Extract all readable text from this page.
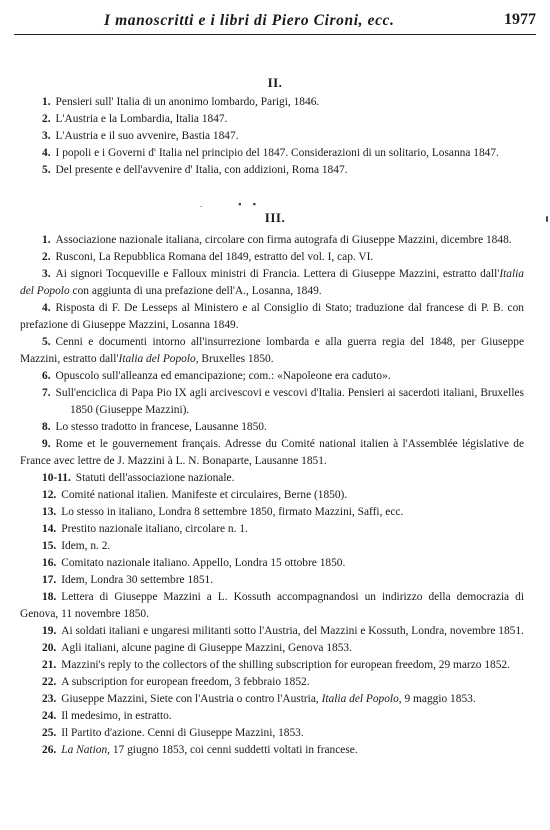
I manoscritti e i libri di Piero Cironi, ecc.	1977
II.
1. Pensieri sull' Italia di un anonimo lombardo, Parigi, 1846.
2. L'Austria e la Lombardia, Italia 1847.
3. L'Austria e il suo avvenire, Bastia 1847.
4. I popoli e i Governi d' Italia nel principio del 1847. Considerazioni di un solitario, Losanna 1847.
5. Del presente e dell'avvenire d' Italia, con addizioni, Roma 1847.
.                ▪     ▪
III.
1. Associazione nazionale italiana, circolare con firma autografa di Giuseppe Mazzini, dicembre 1848.
2. Rusconi, La Repubblica Romana del 1849, estratto del vol. I, cap. VI.
3. Ai signori Tocqueville e Falloux ministri di Francia. Lettera di Giuseppe Mazzini, estratto dall'Italia del Popolo con aggiunta di una prefazione dell'A., Losanna, 1849.
4. Risposta di F. De Lesseps al Ministero e al Consiglio di Stato; traduzione dal francese di P. B. con prefazione di Giuseppe Mazzini, Losanna 1849.
5. Cenni e documenti intorno all'insurrezione lombarda e alla guerra regia del 1848, per Giuseppe Mazzini, estratto dall'Italia del Popolo, Bruxelles 1850.
6. Opuscolo sull'alleanza ed emancipazione; com.: «Napoleone era caduto».
7. Sull'enciclica di Papa Pio IX agli arcivescovi e vescovi d'Italia. Pensieri ai sacerdoti italiani, Bruxelles 1850 (Giuseppe Mazzini).
8. Lo stesso tradotto in francese, Lausanne 1850.
9. Rome et le gouvernement français. Adresse du Comité national italien à l'Assemblée législative de France avec lettre de J. Mazzini à L. N. Bonaparte, Lausanne 1851.
10-11. Statuti dell'associazione nazionale.
12. Comité national italien. Manifeste et circulaires, Berne (1850).
13. Lo stesso in italiano, Londra 8 settembre 1850, firmato Mazzini, Saffi, ecc.
14. Prestito nazionale italiano, circolare n. 1.
15. Idem, n. 2.
16. Comitato nazionale italiano. Appello, Londra 15 ottobre 1850.
17. Idem, Londra 30 settembre 1851.
18. Lettera di Giuseppe Mazzini a L. Kossuth accompagnandosi un indirizzo della democrazia di Genova, 11 novembre 1850.
19. Ai soldati italiani e ungaresi militanti sotto l'Austria, del Mazzini e Kossuth, Londra, novembre 1851.
20. Agli italiani, alcune pagine di Giuseppe Mazzini, Genova 1853.
21. Mazzini's reply to the collectors of the shilling subscription for european freedom, 29 marzo 1852.
22. A subscription for european freedom, 3 febbraio 1852.
23. Giuseppe Mazzini, Siete con l'Austria o contro l'Austria, Italia del Popolo, 9 maggio 1853.
24. Il medesimo, in estratto.
25. Il Partito d'azione. Cenni di Giuseppe Mazzini, 1853.
26. La Nation, 17 giugno 1853, coi cenni suddetti voltati in francese.
